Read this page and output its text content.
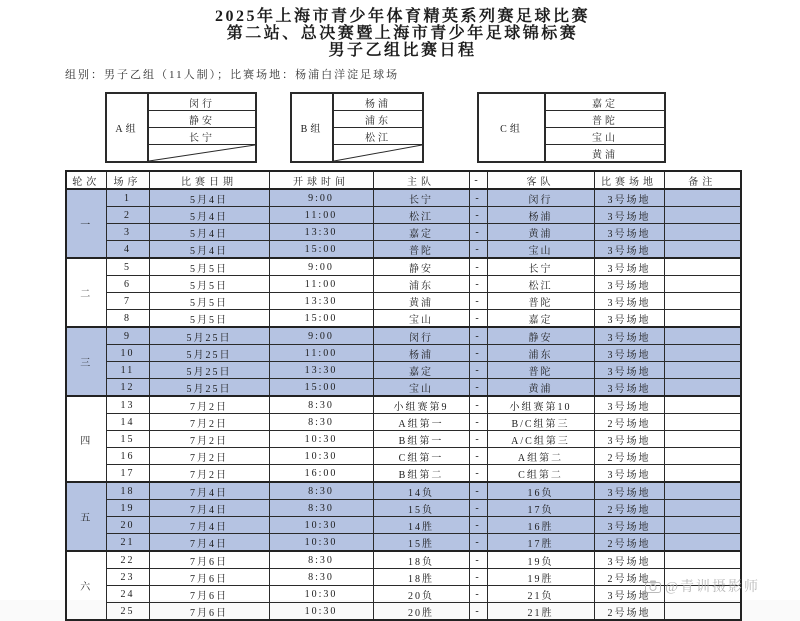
2025年上海市青少年体育精英系列赛足球比赛
第二站、总决赛暨上海市青少年足球锦标赛
男子乙组比赛日程
组别：男子乙组（11人制）；比赛场地：杨浦白洋淀足球场
A组	闵行
静安
长宁

B组	杨浦
浦东
松江

C组	嘉定
普陀
宝山
黄浦
轮次	场序	比赛日期	开球时间	主队	-	客队	比赛场地	备注
一	1	5月4日	9:00	长宁	-	闵行	3号场地	
	2	5月4日	11:00	松江	-	杨浦	3号场地	
	3	5月4日	13:30	嘉定	-	黄浦	3号场地	
	4	5月4日	15:00	普陀	-	宝山	3号场地	
二	5	5月5日	9:00	静安	-	长宁	3号场地	
	6	5月5日	11:00	浦东	-	松江	3号场地	
	7	5月5日	13:30	黄浦	-	普陀	3号场地	
	8	5月5日	15:00	宝山	-	嘉定	3号场地	
三	9	5月25日	9:00	闵行	-	静安	3号场地	
	10	5月25日	11:00	杨浦	-	浦东	3号场地	
	11	5月25日	13:30	嘉定	-	普陀	3号场地	
	12	5月25日	15:00	宝山	-	黄浦	3号场地	
四	13	7月2日	8:30	小组赛第9	-	小组赛第10	3号场地	
	14	7月2日	8:30	A组第一	-	B/C组第三	2号场地	
	15	7月2日	10:30	B组第一	-	A/C组第三	3号场地	
	16	7月2日	10:30	C组第一	-	A组第二	2号场地	
	17	7月2日	16:00	B组第二	-	C组第二	3号场地	
五	18	7月4日	8:30	14负	-	16负	3号场地	
	19	7月4日	8:30	15负	-	17负	2号场地	
	20	7月4日	10:30	14胜	-	16胜	3号场地	
	21	7月4日	10:30	15胜	-	17胜	2号场地	
六	22	7月6日	8:30	18负	-	19负	3号场地	
	23	7月6日	8:30	18胜	-	19胜	2号场地	
	24	7月6日	10:30	20负	-	21负	3号场地	
	25	7月6日	10:30	20胜	-	21胜	2号场地	
@青训摄影师
